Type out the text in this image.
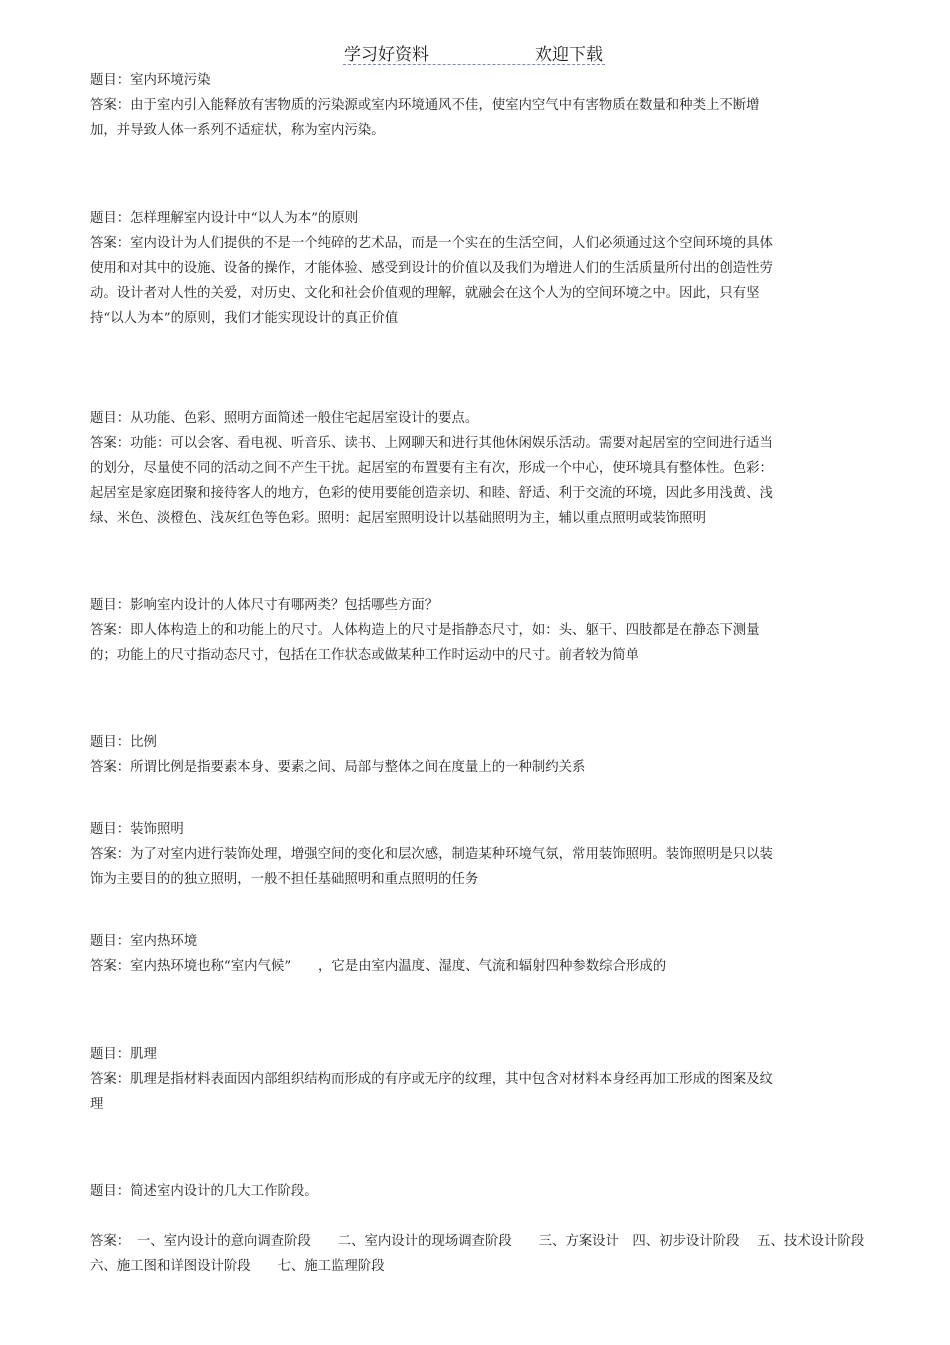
学习好资料	欢迎下载

题目：室内环境污染

答案：由于室内引入能释放有害物质的污染源或室内环境通风不佳，使室内空气中有害物质在数量和种类上不断增加，并导致人体一系列不适症状，称为室内污染。

题目：怎样理解室内设计中“以人为本”的原则

答案：室内设计为人们提供的不是一个纯碎的艺术品，而是一个实在的生活空间，人们必须通过这个空间环境的具体使用和对其中的设施、设备的操作，才能体验、感受到设计的价值以及我们为增进人们的生活质量所付出的创造性劳动。设计者对人性的关爱，对历史、文化和社会价值观的理解，就融会在这个人为的空间环境之中。因此，只有坚持“以人为本”的原则，我们才能实现设计的真正价值

题目：从功能、色彩、照明方面简述一般住宅起居室设计的要点。

答案：功能：可以会客、看电视、听音乐、读书、上网聊天和进行其他休闲娱乐活动。需要对起居室的空间进行适当的划分，尽量使不同的活动之间不产生干扰。起居室的布置要有主有次，形成一个中心，使环境具有整体性。色彩：起居室是家庭团聚和接待客人的地方，色彩的使用要能创造亲切、和睦、舒适、利于交流的环境，因此多用浅黄、浅绿、米色、淡橙色、浅灰红色等色彩。照明：起居室照明设计以基础照明为主，辅以重点照明或装饰照明

题目：影响室内设计的人体尺寸有哪两类？包括哪些方面？

答案：即人体构造上的和功能上的尺寸。人体构造上的尺寸是指静态尺寸，如：头、躯干、四肢都是在静态下测量的；功能上的尺寸指动态尺寸，包括在工作状态或做某种工作时运动中的尺寸。前者较为简单

题目：比例

答案：所谓比例是指要素本身、要素之间、局部与整体之间在度量上的一种制约关系

题目：装饰照明

答案：为了对室内进行装饰处理，增强空间的变化和层次感，制造某种环境气氛，常用装饰照明。装饰照明是只以装饰为主要目的的独立照明，一般不担任基础照明和重点照明的任务

题目：室内热环境

答案：室内热环境也称“室内气候”　　，它是由室内温度、湿度、气流和辐射四种参数综合形成的

题目：肌理

答案：肌理是指材料表面因内部组织结构而形成的有序或无序的纹理，其中包含对材料本身经再加工形成的图案及纹理

题目：简述室内设计的几大工作阶段。

答案：　一、室内设计的意向调查阶段　　二、室内设计的现场调查阶段　　三、方案设计　四、初步设计阶段　 五、技术设计阶段　 六、施工图和详图设计阶段　　七、施工监理阶段
